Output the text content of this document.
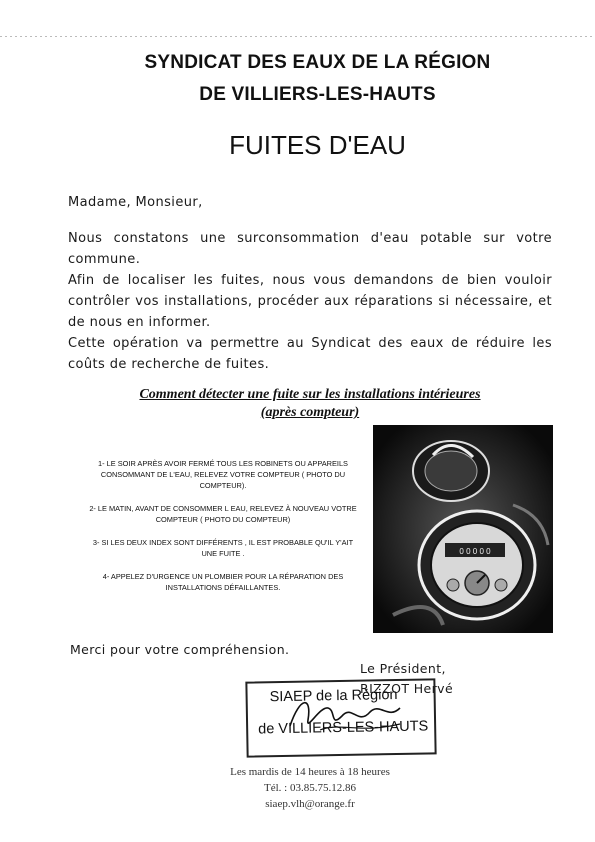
SYNDICAT DES EAUX DE LA RÉGION
DE VILLIERS-LES-HAUTS
FUITES D'EAU
Madame, Monsieur,

Nous constatons une surconsommation d'eau potable sur votre commune.

Afin de localiser les fuites, nous vous demandons de bien vouloir contrôler vos installations, procéder aux réparations si nécessaire, et de nous en informer.

Cette opération va permettre au Syndicat des eaux de réduire les coûts de recherche de fuites.

Comment détecter une fuite sur les installations intérieures
(après compteur)
1- LE SOIR APRÈS AVOIR FERMÉ TOUS LES ROBINETS OU APPAREILS CONSOMMANT DE L'EAU, RELEVEZ VOTRE COMPTEUR ( PHOTO DU COMPTEUR).
2- LE MATIN, AVANT DE CONSOMMER L EAU, RELEVEZ À NOUVEAU VOTRE COMPTEUR ( PHOTO DU COMPTEUR)
3- SI LES DEUX INDEX SONT DIFFÉRENTS , IL EST PROBABLE QU'IL Y'AIT UNE FUITE .
4- APPELEZ D'URGENCE UN PLOMBIER POUR LA RÉPARATION DES INSTALLATIONS DÉFAILLANTES.
0 0 0 0 0
Merci pour votre compréhension.
Le Président,
RIZZOT Hervé
SIAEP de la Région
de VILLIERS-LES-HAUTS
Les mardis de 14 heures à 18 heures
Tél. : 03.85.75.12.86
siaep.vlh@orange.fr
